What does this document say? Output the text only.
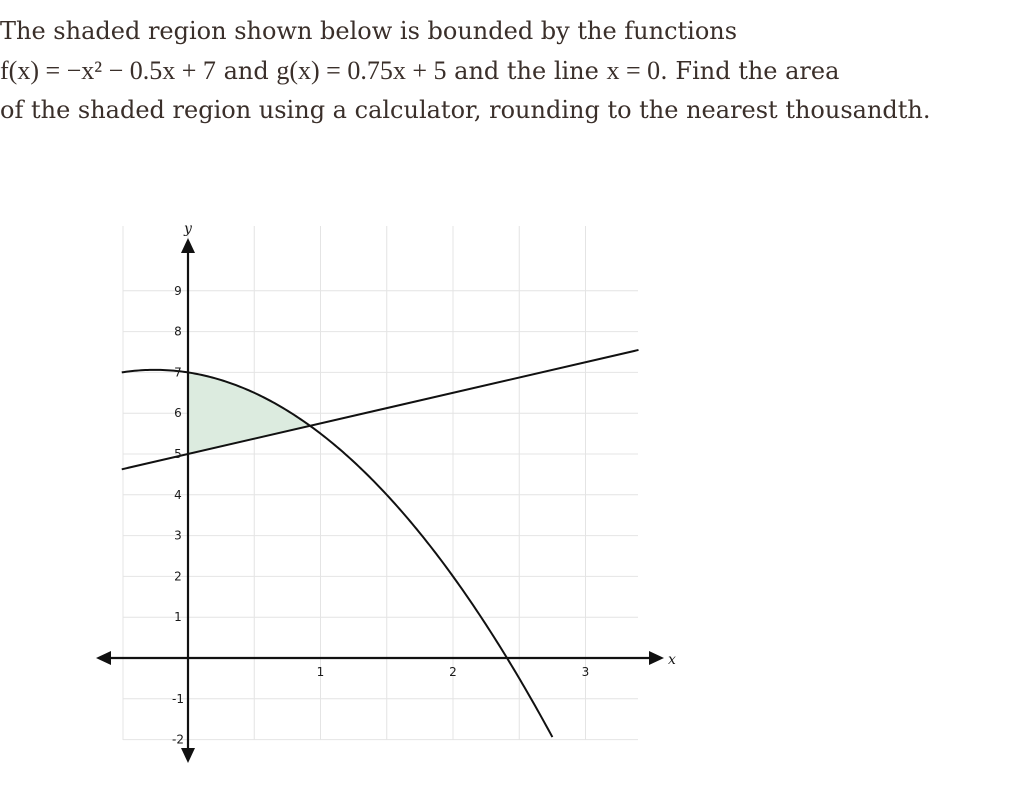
The shaded region shown below is bounded by the functions
f(x) = −x² − 0.5x + 7 and g(x) = 0.75x + 5 and the line x = 0. Find the area
of the shaded region using a calculator, rounding to the nearest thousandth.
1	2	3
-2
-1
1
2
3
4
5
6
7
8
9
x
y
